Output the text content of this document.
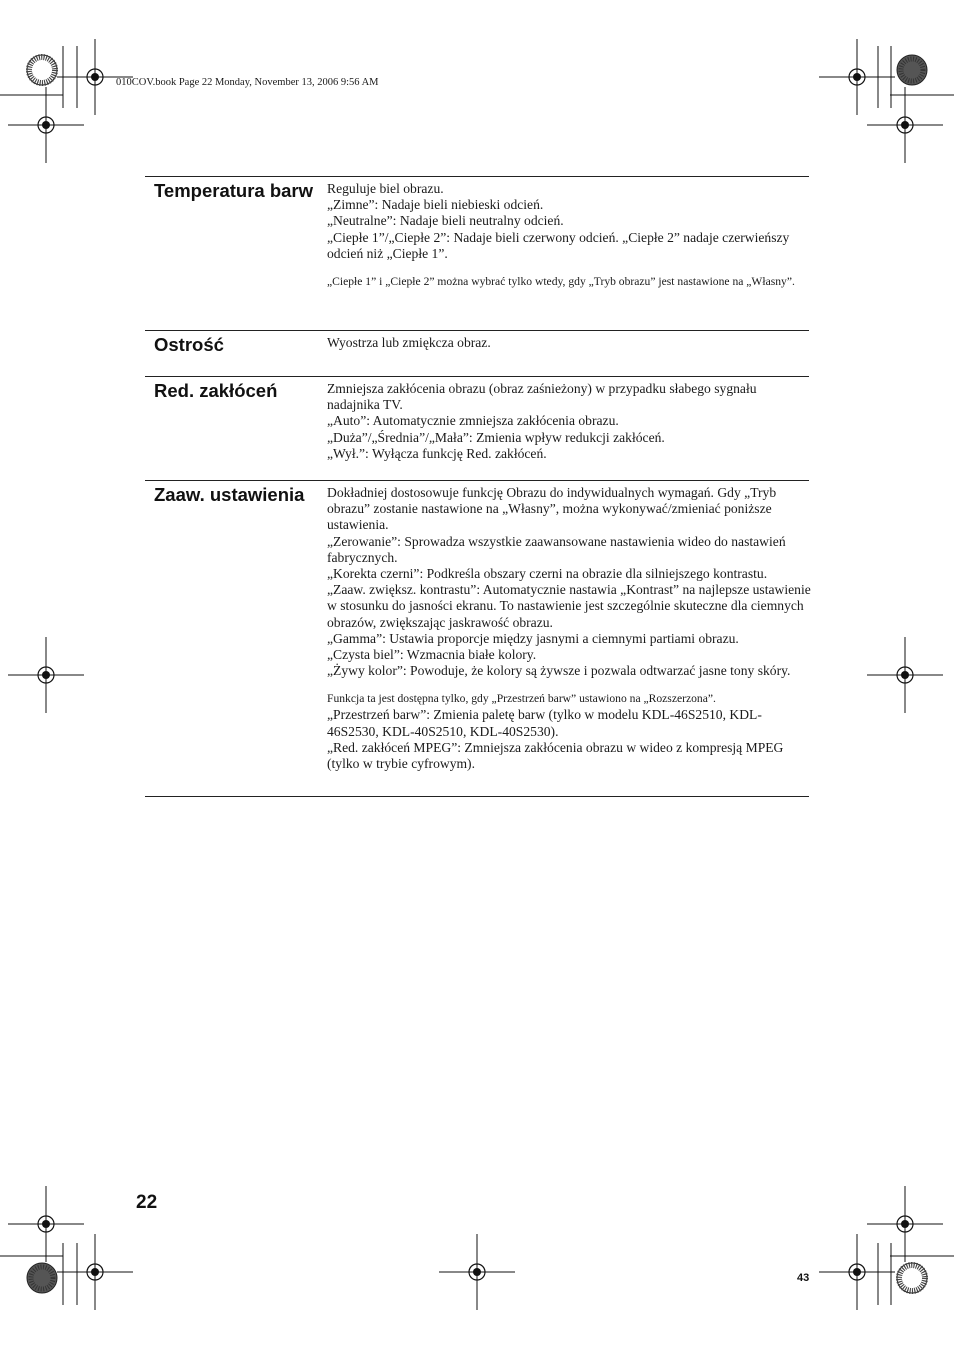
010COV.book Page 22 Monday, November 13, 2006 9:56 AM
Temperatura barw	Reguluje biel obrazu.
„Zimne”: Nadaje bieli niebieski odcień.
„Neutralne”: Nadaje bieli neutralny odcień.
„Ciepłe 1”/„Ciepłe 2”: Nadaje bieli czerwony odcień. „Ciepłe 2” nadaje czerwieńszy odcień niż „Ciepłe 1”.
„Ciepłe 1” i „Ciepłe 2” można wybrać tylko wtedy, gdy „Tryb obrazu” jest nastawione na „Własny”.
Ostrość	Wyostrza lub zmiękcza obraz.
Red. zakłóceń	Zmniejsza zakłócenia obrazu (obraz zaśnieżony) w przypadku słabego sygnału nadajnika TV.
„Auto”: Automatycznie zmniejsza zakłócenia obrazu.
„Duża”/„Średnia”/„Mała”: Zmienia wpływ redukcji zakłóceń.
„Wył.”: Wyłącza funkcję Red. zakłóceń.
Zaaw. ustawienia	Dokładniej dostosowuje funkcję Obrazu do indywidualnych wymagań. Gdy „Tryb obrazu” zostanie nastawione na „Własny”, można wykonywać/zmieniać poniższe ustawienia.
„Zerowanie”: Sprowadza wszystkie zaawansowane nastawienia wideo do nastawień fabrycznych.
„Korekta czerni”: Podkreśla obszary czerni na obrazie dla silniejszego kontrastu.
„Zaaw. zwiększ. kontrastu”: Automatycznie nastawia „Kontrast” na najlepsze ustawienie w stosunku do jasności ekranu. To nastawienie jest szczególnie skuteczne dla ciemnych obrazów, zwiększając jaskrawość obrazu.
„Gamma”: Ustawia proporcje między jasnymi a ciemnymi partiami obrazu.
„Czysta biel”: Wzmacnia białe kolory.
„Żywy kolor”: Powoduje, że kolory są żywsze i pozwala odtwarzać jasne tony skóry.
Funkcja ta jest dostępna tylko, gdy „Przestrzeń barw” ustawiono na „Rozszerzona”.
„Przestrzeń barw”: Zmienia paletę barw (tylko w modelu KDL-46S2510, KDL-46S2530, KDL-40S2510, KDL-40S2530).
„Red. zakłóceń MPEG”: Zmniejsza zakłócenia obrazu w wideo z kompresją MPEG (tylko w trybie cyfrowym).
22
43
